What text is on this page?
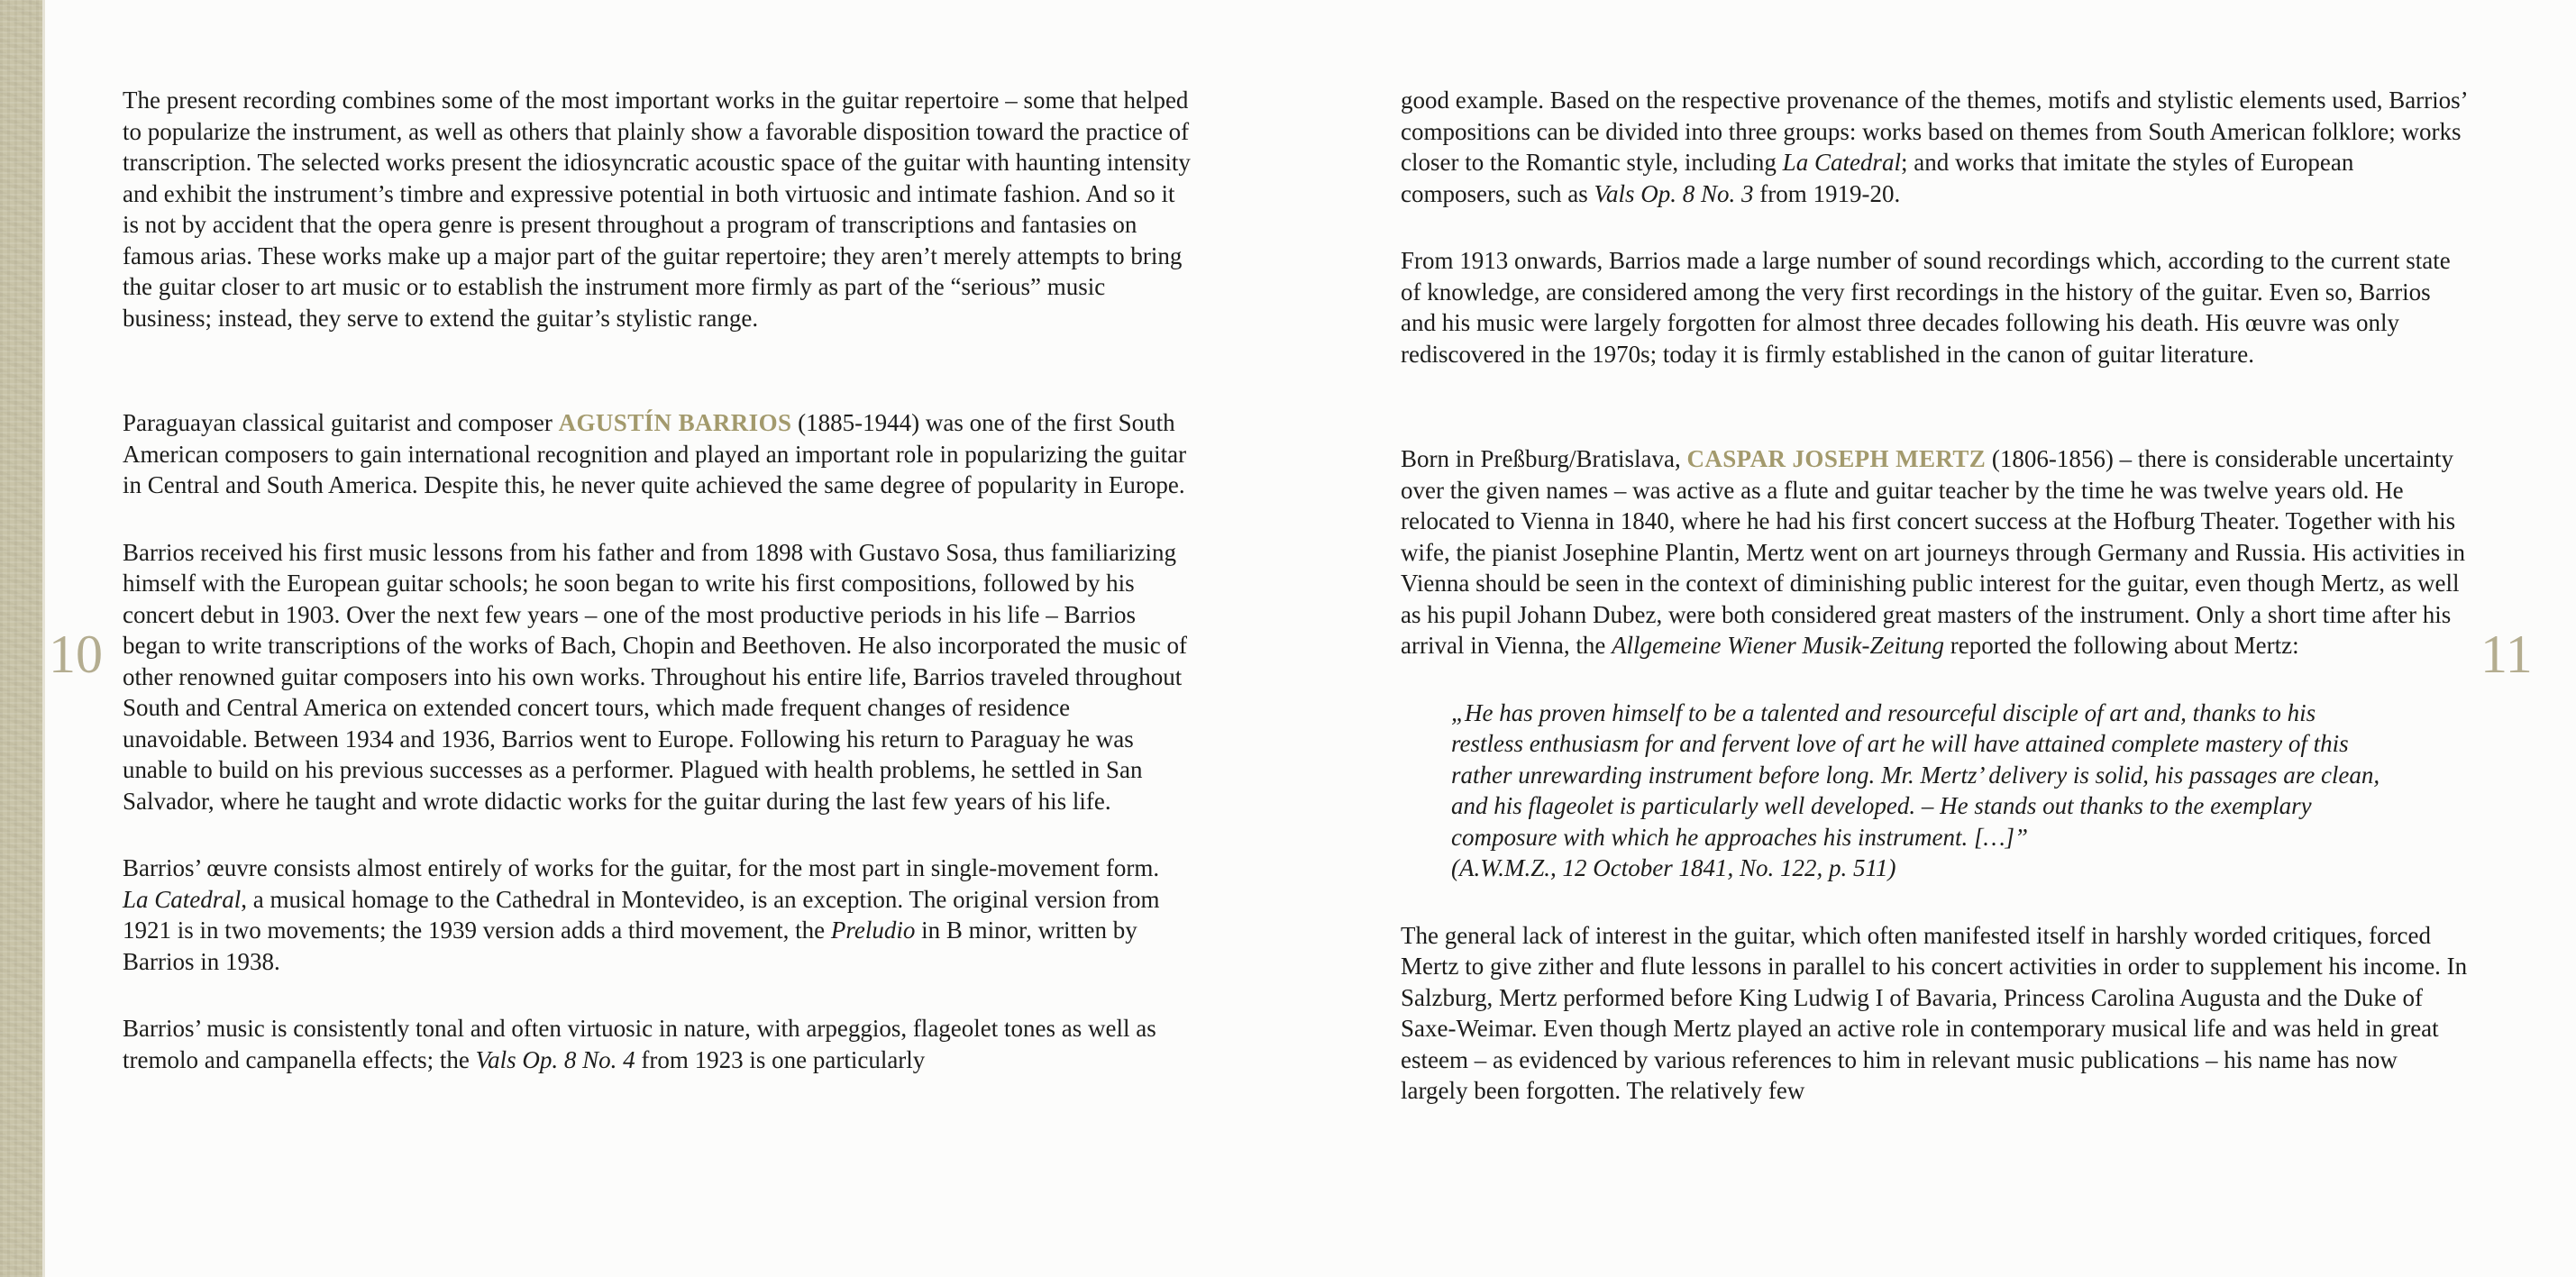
10	11

The present recording combines some of the most important works in the guitar repertoire – some that helped to popularize the instrument, as well as others that plainly show a favorable disposition toward the practice of transcription. The selected works present the idiosyncratic acoustic space of the guitar with haunting intensity and exhibit the instrument’s timbre and expressive potential in both virtuosic and intimate fashion. And so it is not by accident that the opera genre is present throughout a program of transcriptions and fantasies on famous arias. These works make up a major part of the guitar repertoire; they aren’t merely attempts to bring the guitar closer to art music or to establish the instrument more firmly as part of the “serious” music business; instead, they serve to extend the guitar’s stylistic range.

Paraguayan classical guitarist and composer AGUSTÍN BARRIOS (1885-1944) was one of the first South American composers to gain international recognition and played an important role in popularizing the guitar in Central and South America. Despite this, he never quite achieved the same degree of popularity in Europe.

Barrios received his first music lessons from his father and from 1898 with Gustavo Sosa, thus familiarizing himself with the European guitar schools; he soon began to write his first compositions, followed by his concert debut in 1903. Over the next few years – one of the most productive periods in his life – Barrios began to write transcriptions of the works of Bach, Chopin and Beethoven. He also incorporated the music of other renowned guitar composers into his own works. Throughout his entire life, Barrios traveled throughout South and Central America on extended concert tours, which made frequent changes of residence unavoidable. Between 1934 and 1936, Barrios went to Europe. Following his return to Paraguay he was unable to build on his previous successes as a performer. Plagued with health problems, he settled in San Salvador, where he taught and wrote didactic works for the guitar during the last few years of his life.

Barrios’ œuvre consists almost entirely of works for the guitar, for the most part in single-movement form. La Catedral, a musical homage to the Cathedral in Montevideo, is an exception. The original version from 1921 is in two movements; the 1939 version adds a third movement, the Preludio in B minor, written by Barrios in 1938.

Barrios’ music is consistently tonal and often virtuosic in nature, with arpeggios, flageolet tones as well as tremolo and campanella effects; the Vals Op. 8 No. 4 from 1923 is one particularly

good example. Based on the respective provenance of the themes, motifs and stylistic elements used, Barrios’ compositions can be divided into three groups: works based on themes from South American folklore; works closer to the Romantic style, including La Catedral; and works that imitate the styles of European composers, such as Vals Op. 8 No. 3 from 1919-20.

From 1913 onwards, Barrios made a large number of sound recordings which, according to the current state of knowledge, are considered among the very first recordings in the history of the guitar. Even so, Barrios and his music were largely forgotten for almost three decades following his death. His œuvre was only rediscovered in the 1970s; today it is firmly established in the canon of guitar literature.

Born in Preßburg/Bratislava, CASPAR JOSEPH MERTZ (1806-1856) – there is considerable uncertainty over the given names – was active as a flute and guitar teacher by the time he was twelve years old. He relocated to Vienna in 1840, where he had his first concert success at the Hofburg Theater. Together with his wife, the pianist Josephine Plantin, Mertz went on art journeys through Germany and Russia. His activities in Vienna should be seen in the context of diminishing public interest for the guitar, even though Mertz, as well as his pupil Johann Dubez, were both considered great masters of the instrument. Only a short time after his arrival in Vienna, the Allgemeine Wiener Musik-Zeitung reported the following about Mertz:

„He has proven himself to be a talented and resourceful disciple of art and, thanks to his restless enthusiasm for and fervent love of art he will have attained complete mastery of this rather unrewarding instrument before long. Mr. Mertz’ delivery is solid, his passages are clean, and his flageolet is particularly well developed. – He stands out thanks to the exemplary composure with which he approaches his instrument. […]”

(A.W.M.Z., 12 October 1841, No. 122, p. 511)

The general lack of interest in the guitar, which often manifested itself in harshly worded critiques, forced Mertz to give zither and flute lessons in parallel to his concert activities in order to supplement his income. In Salzburg, Mertz performed before King Ludwig I of Bavaria, Princess Carolina Augusta and the Duke of Saxe-Weimar. Even though Mertz played an active role in contemporary musical life and was held in great esteem – as evidenced by various references to him in relevant music publications – his name has now largely been forgotten. The relatively few
